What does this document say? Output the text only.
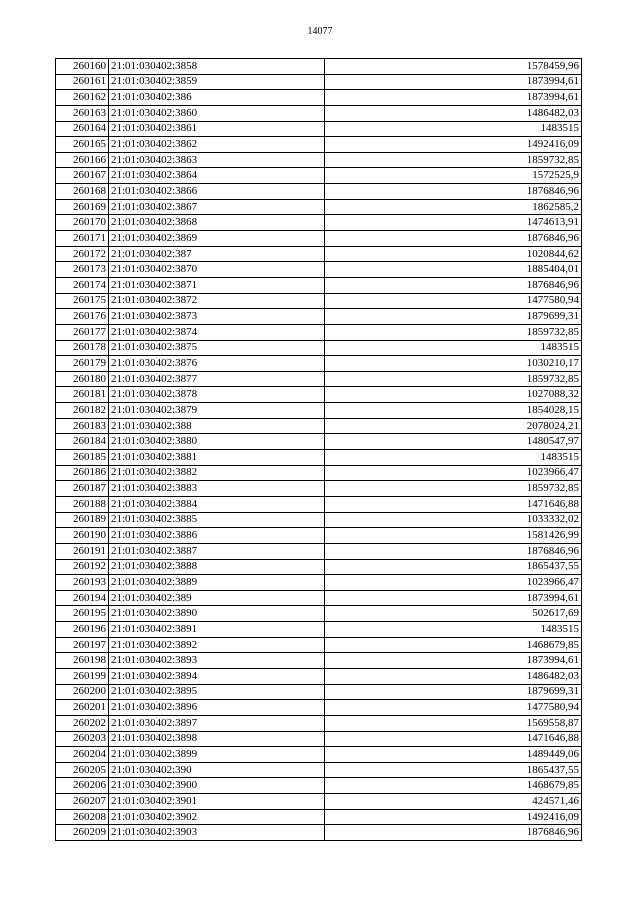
14077
260160	21:01:030402:3858	1578459,96
260161	21:01:030402:3859	1873994,61
260162	21:01:030402:386	1873994,61
260163	21:01:030402:3860	1486482,03
260164	21:01:030402:3861	1483515
260165	21:01:030402:3862	1492416,09
260166	21:01:030402:3863	1859732,85
260167	21:01:030402:3864	1572525,9
260168	21:01:030402:3866	1876846,96
260169	21:01:030402:3867	1862585,2
260170	21:01:030402:3868	1474613,91
260171	21:01:030402:3869	1876846,96
260172	21:01:030402:387	1020844,62
260173	21:01:030402:3870	1885404,01
260174	21:01:030402:3871	1876846,96
260175	21:01:030402:3872	1477580,94
260176	21:01:030402:3873	1879699,31
260177	21:01:030402:3874	1859732,85
260178	21:01:030402:3875	1483515
260179	21:01:030402:3876	1030210,17
260180	21:01:030402:3877	1859732,85
260181	21:01:030402:3878	1027088,32
260182	21:01:030402:3879	1854028,15
260183	21:01:030402:388	2078024,21
260184	21:01:030402:3880	1480547,97
260185	21:01:030402:3881	1483515
260186	21:01:030402:3882	1023966,47
260187	21:01:030402:3883	1859732,85
260188	21:01:030402:3884	1471646,88
260189	21:01:030402:3885	1033332,02
260190	21:01:030402:3886	1581426,99
260191	21:01:030402:3887	1876846,96
260192	21:01:030402:3888	1865437,55
260193	21:01:030402:3889	1023966,47
260194	21:01:030402:389	1873994,61
260195	21:01:030402:3890	502617,69
260196	21:01:030402:3891	1483515
260197	21:01:030402:3892	1468679,85
260198	21:01:030402:3893	1873994,61
260199	21:01:030402:3894	1486482,03
260200	21:01:030402:3895	1879699,31
260201	21:01:030402:3896	1477580,94
260202	21:01:030402:3897	1569558,87
260203	21:01:030402:3898	1471646,88
260204	21:01:030402:3899	1489449,06
260205	21:01:030402:390	1865437,55
260206	21:01:030402:3900	1468679,85
260207	21:01:030402:3901	424571,46
260208	21:01:030402:3902	1492416,09
260209	21:01:030402:3903	1876846,96
